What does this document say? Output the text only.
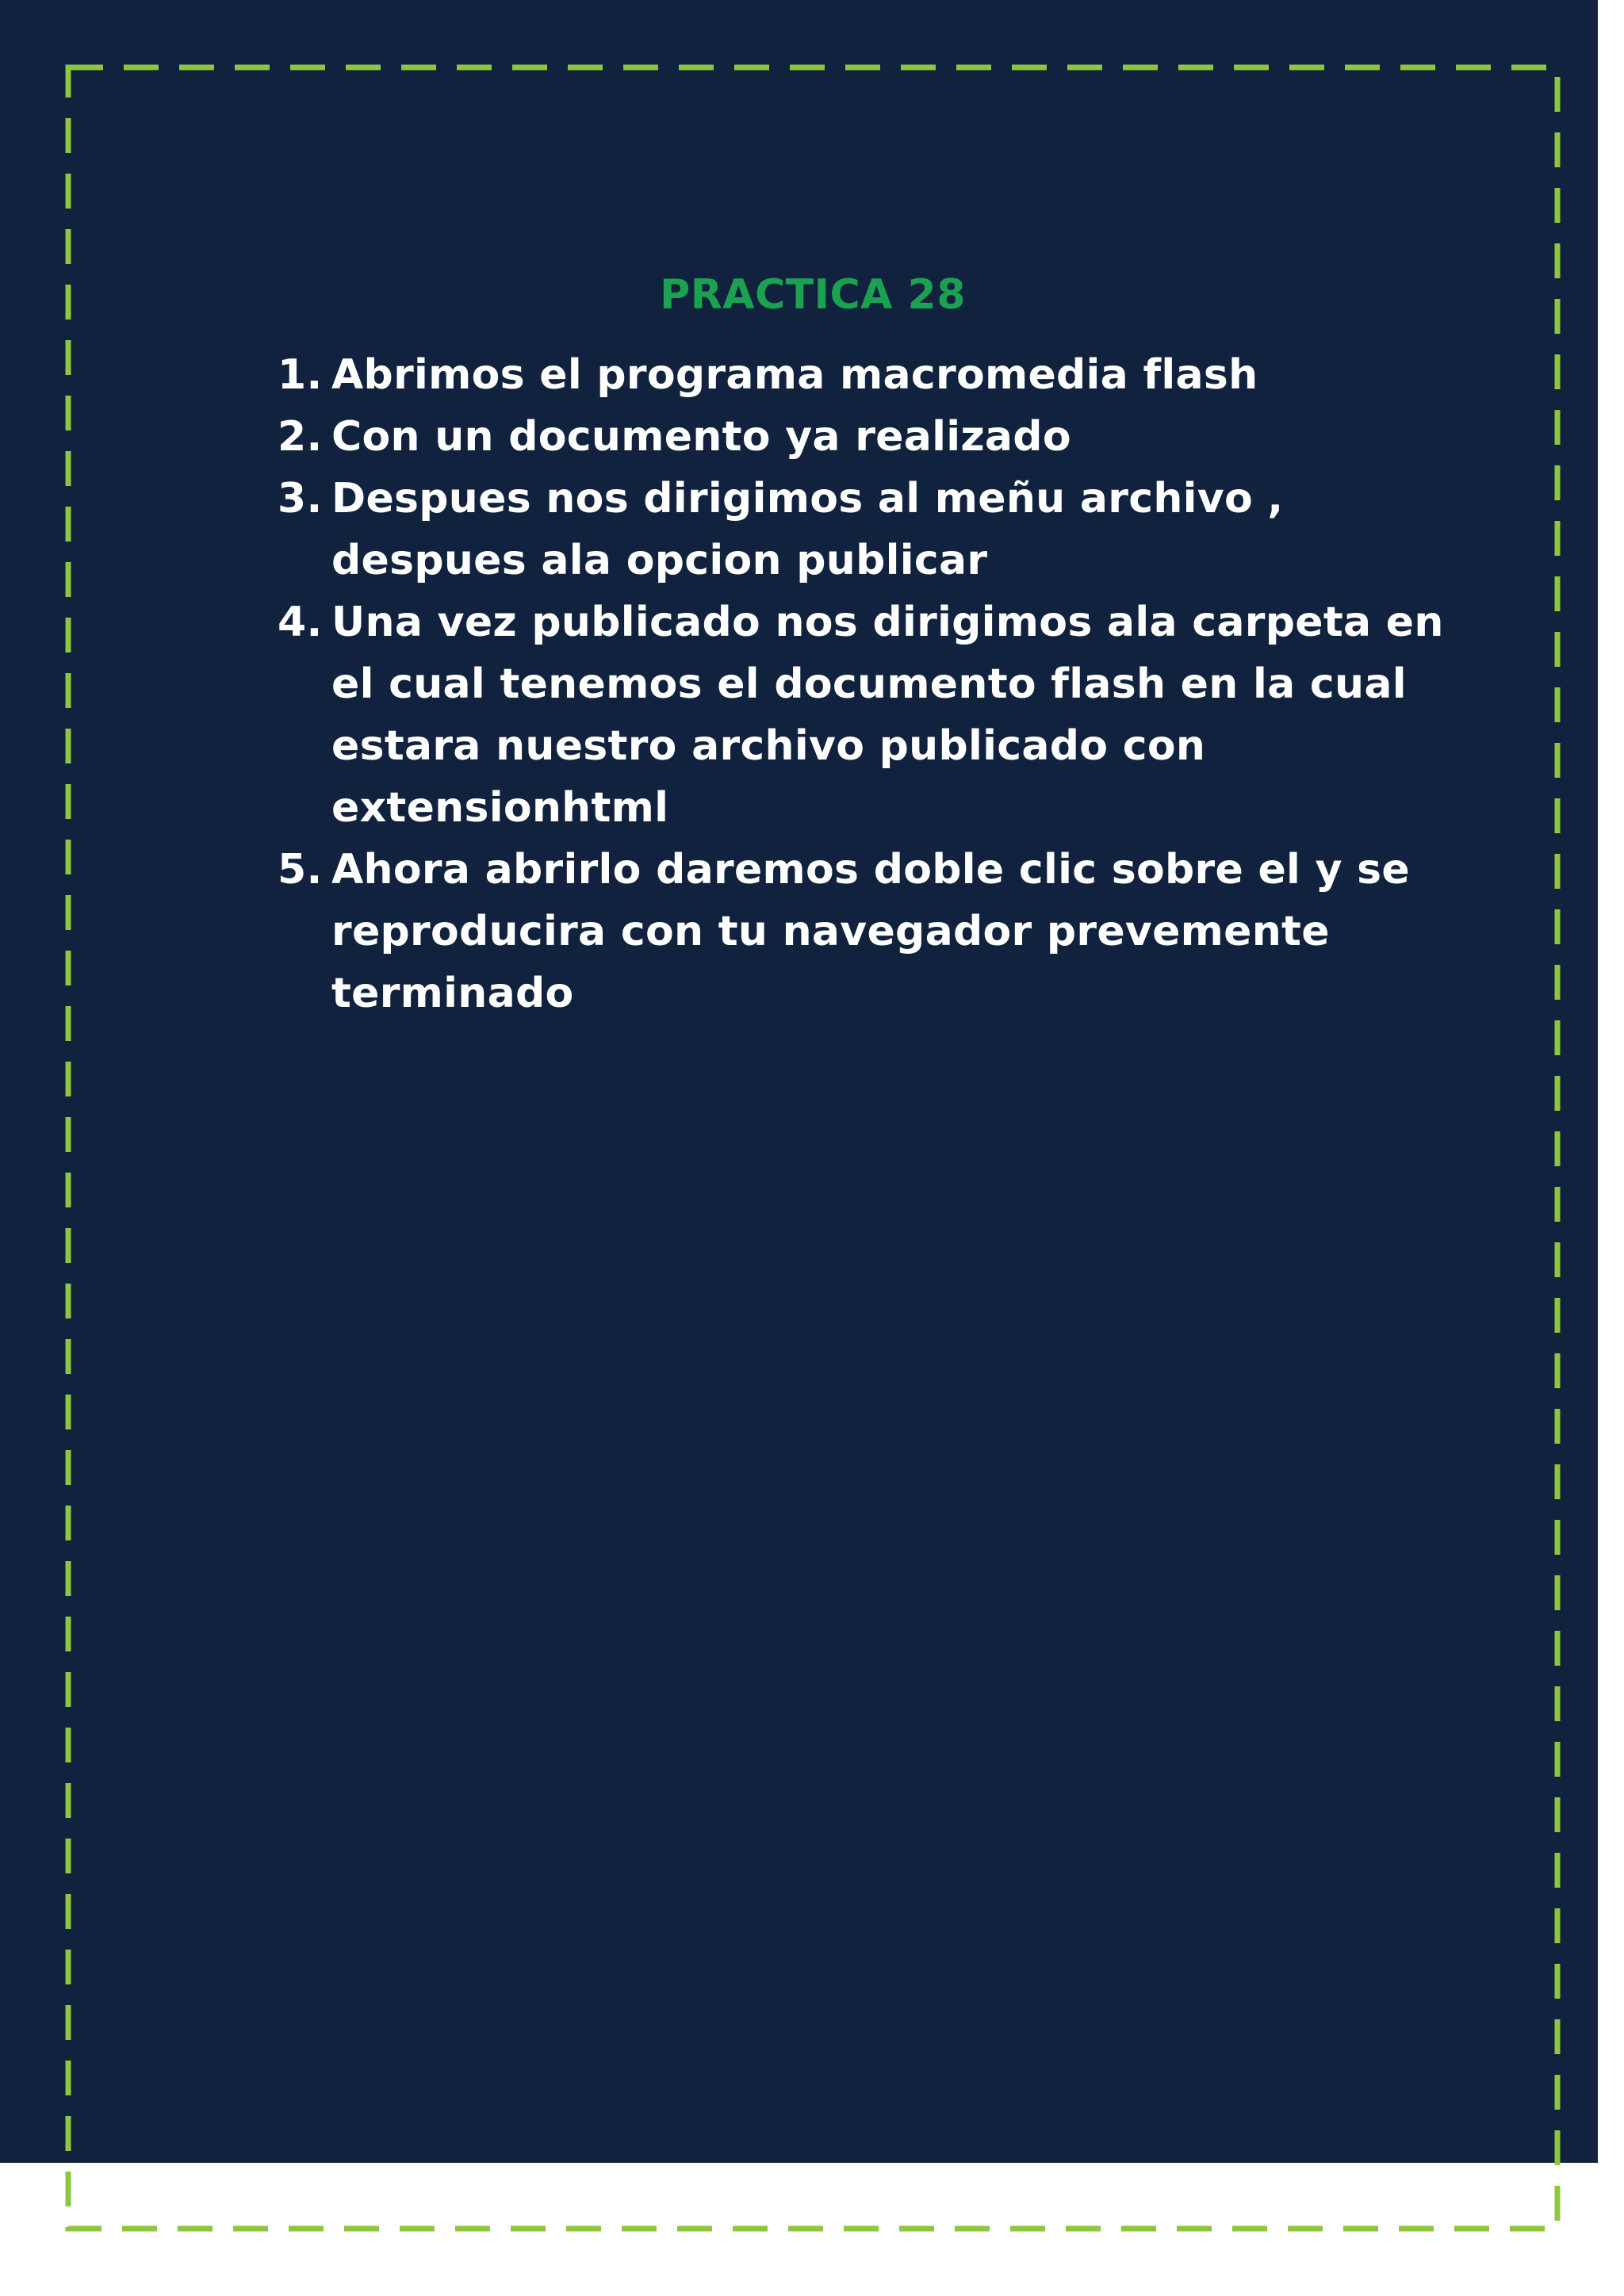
PRACTICA 28
1. Abrimos el programa macromedia flash
2. Con un documento ya realizado
3. Despues nos dirigimos al meñu archivo , despues ala opcion publicar
4. Una vez publicado nos dirigimos ala carpeta en el cual tenemos el documento flash en la cual estara nuestro archivo publicado con extensionhtml
5. Ahora abrirlo daremos doble clic sobre el y se reproducira con tu navegador prevemente terminado
